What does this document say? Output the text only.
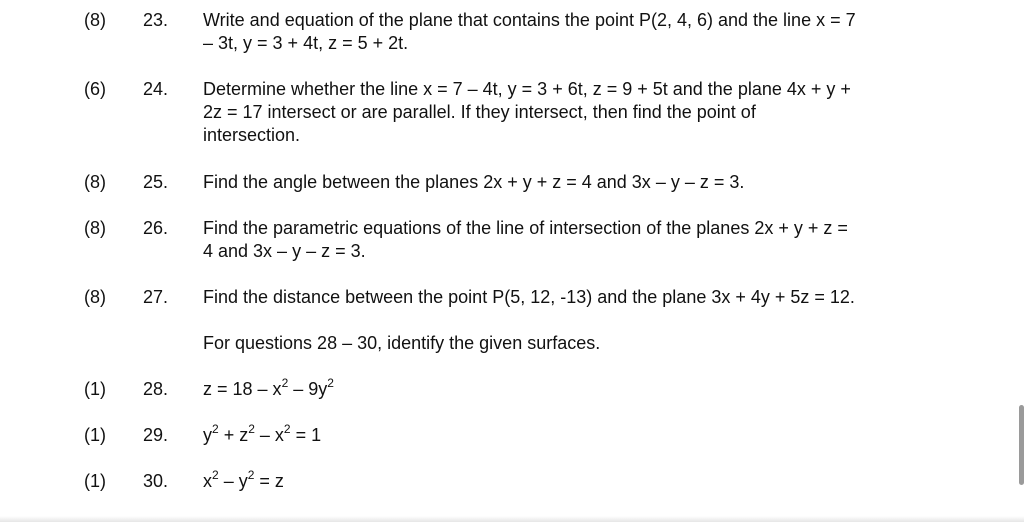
(8)	23.	Write and equation of the plane that contains the point P(2, 4, 6) and the line x = 7
– 3t, y = 3 + 4t, z = 5 + 2t.
(6)	24.	Determine whether the line x = 7 – 4t, y = 3 + 6t, z = 9 + 5t and the plane 4x + y +
2z = 17 intersect or are parallel. If they intersect, then find the point of
intersection.
(8)	25.	Find the angle between the planes 2x + y + z = 4 and 3x – y – z = 3.
(8)	26.	Find the parametric equations of the line of intersection of the planes 2x + y + z =
4 and 3x – y – z = 3.
(8)	27.	Find the distance between the point P(5, 12, -13) and the plane 3x + 4y + 5z = 12.
For questions 28 – 30, identify the given surfaces.
(1)	28.	$z = 18 - x^2 - 9y^2$
(1)	29.	$y^2 + z^2 - x^2 = 1$
(1)	30.	$x^2 - y^2 = z$
